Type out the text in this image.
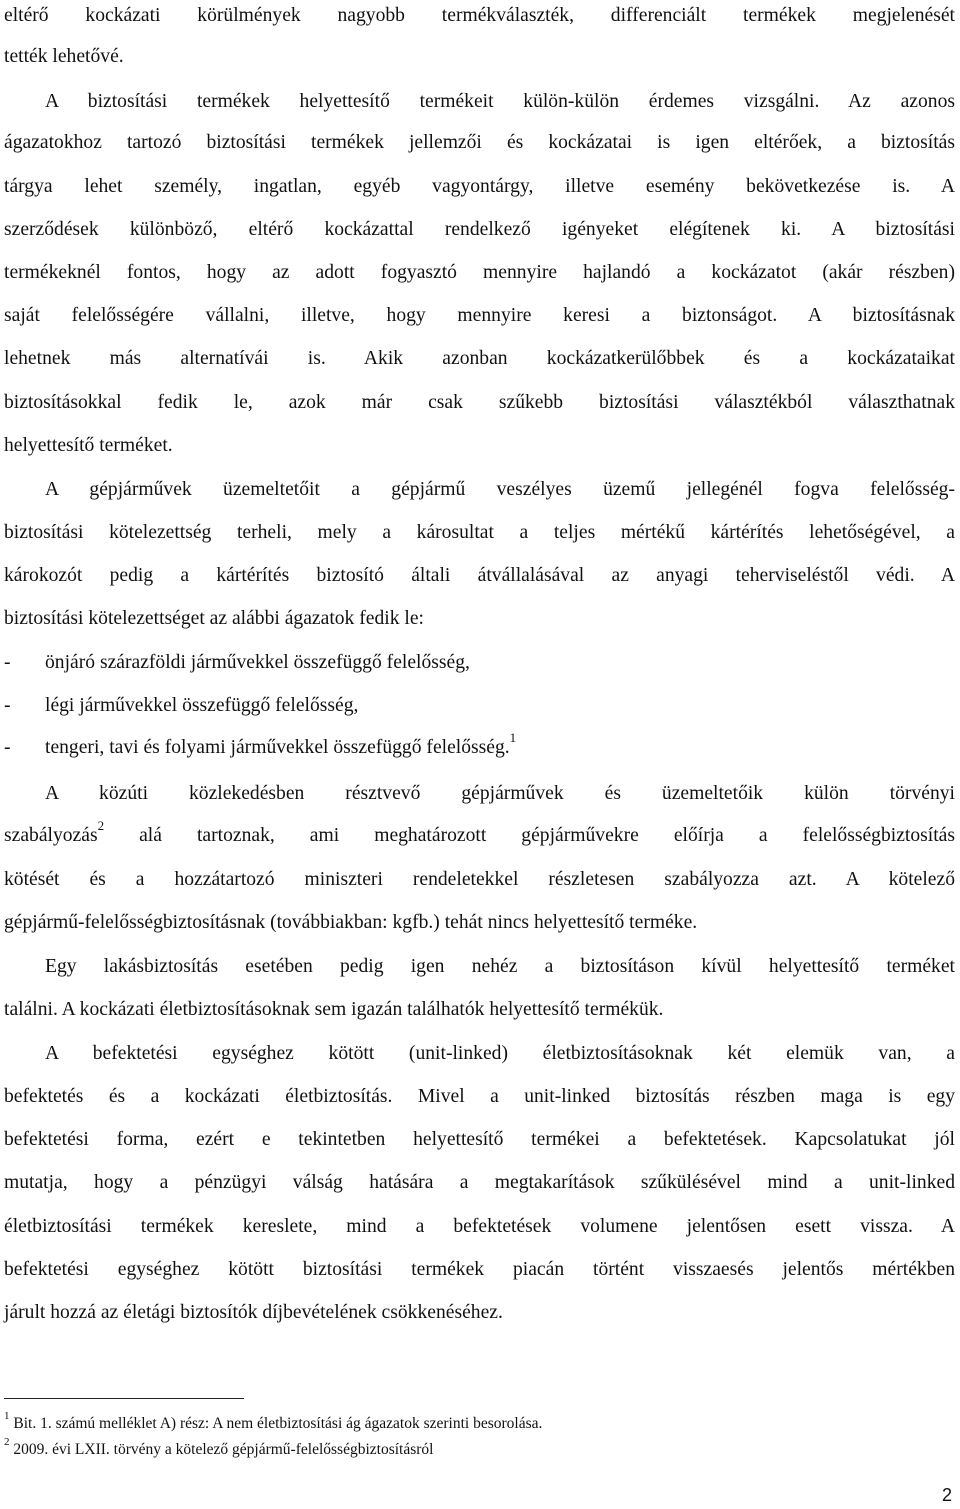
eltérő kockázati körülmények nagyobb termékválaszték, differenciált termékek megjelenését
tették lehetővé.
A biztosítási termékek helyettesítő termékeit külön-külön érdemes vizsgálni. Az azonos
ágazatokhoz tartozó biztosítási termékek jellemzői és kockázatai is igen eltérőek, a biztosítás
tárgya lehet személy, ingatlan, egyéb vagyontárgy, illetve esemény bekövetkezése is. A
szerződések különböző, eltérő kockázattal rendelkező igényeket elégítenek ki. A biztosítási
termékeknél fontos, hogy az adott fogyasztó mennyire hajlandó a kockázatot (akár részben)
saját felelősségére vállalni, illetve, hogy mennyire keresi a biztonságot. A biztosításnak
lehetnek más alternatívái is. Akik azonban kockázatkerülőbbek és a kockázataikat
biztosításokkal fedik le, azok már csak szűkebb biztosítási választékból választhatnak
helyettesítő terméket.
A gépjárművek üzemeltetőit a gépjármű veszélyes üzemű jellegénél fogva felelősség-
biztosítási kötelezettség terheli, mely a károsultat a teljes mértékű kártérítés lehetőségével, a
károkozót pedig a kártérítés biztosító általi átvállalásával az anyagi teherviseléstől védi. A
biztosítási kötelezettséget az alábbi ágazatok fedik le:
- önjáró szárazföldi járművekkel összefüggő felelősség,
- légi járművekkel összefüggő felelősség,
- tengeri, tavi és folyami járművekkel összefüggő felelősség.$^1$
A közúti közlekedésben résztvevő gépjárművek és üzemeltetőik külön törvényi
szabályozás$^2$ alá tartoznak, ami meghatározott gépjárművekre előírja a felelősségbiztosítás
kötését és a hozzátartozó miniszteri rendeletekkel részletesen szabályozza azt. A kötelező
gépjármű-felelősségbiztosításnak (továbbiakban: kgfb.) tehát nincs helyettesítő terméke.
Egy lakásbiztosítás esetében pedig igen nehéz a biztosításon kívül helyettesítő terméket
találni. A kockázati életbiztosításoknak sem igazán találhatók helyettesítő termékük.
A befektetési egységhez kötött (unit-linked) életbiztosításoknak két elemük van, a
befektetés és a kockázati életbiztosítás. Mivel a unit-linked biztosítás részben maga is egy
befektetési forma, ezért e tekintetben helyettesítő termékei a befektetések. Kapcsolatukat jól
mutatja, hogy a pénzügyi válság hatására a megtakarítások szűkülésével mind a unit-linked
életbiztosítási termékek kereslete, mind a befektetések volumene jelentősen esett vissza. A
befektetési egységhez kötött biztosítási termékek piacán történt visszaesés jelentős mértékben
járult hozzá az életági biztosítók díjbevételének csökkenéséhez.
$^1$ Bit. 1. számú melléklet A) rész: A nem életbiztosítási ág ágazatok szerinti besorolása.
$^2$ 2009. évi LXII. törvény a kötelező gépjármű-felelősségbiztosításról
2
